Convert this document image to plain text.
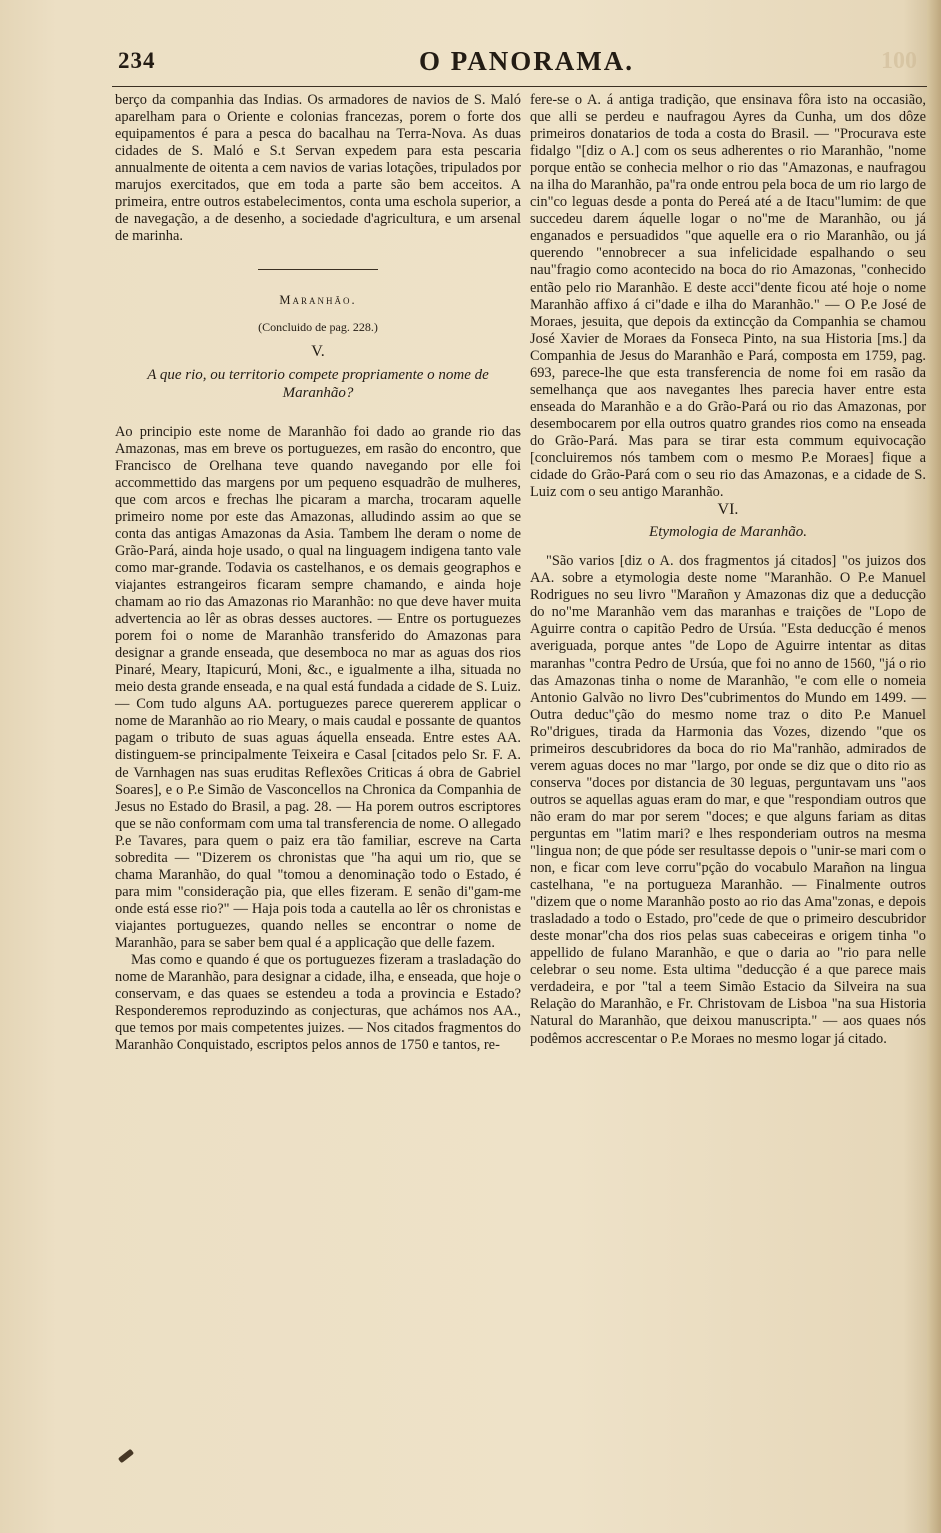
234	O PANORAMA.	100

berço da companhia das Indias. Os armadores de navios de S. Maló aparelham para o Oriente e colonias francezas, porem o forte dos equipamentos é para a pesca do bacalhau na Terra-Nova. As duas cidades de S. Maló e S.t Servan expedem para esta pescaria annualmente de oitenta a cem navios de varias lotações, tripulados por marujos exercitados, que em toda a parte são bem acceitos. A primeira, entre outros estabelecimentos, conta uma eschola superior, a de navegação, a de desenho, a sociedade d'agricultura, e um arsenal de marinha.

Maranhão.
(Concluido de pag. 228.)
V.
A que rio, ou territorio compete propriamente o nome de Maranhão?

Ao principio este nome de Maranhão foi dado ao grande rio das Amazonas, mas em breve os portuguezes, em rasão do encontro, que Francisco de Orelhana teve quando navegando por elle foi accommettido das margens por um pequeno esquadrão de mulheres, que com arcos e frechas lhe picaram a marcha, trocaram aquelle primeiro nome por este das Amazonas, alludindo assim ao que se conta das antigas Amazonas da Asia. Tambem lhe deram o nome de Grão-Pará, ainda hoje usado, o qual na linguagem indigena tanto vale como mar-grande. Todavia os castelhanos, e os demais geographos e viajantes estrangeiros ficaram sempre chamando, e ainda hoje chamam ao rio das Amazonas rio Maranhão: no que deve haver muita advertencia ao lêr as obras desses auctores. — Entre os portuguezes porem foi o nome de Maranhão transferido do Amazonas para designar a grande enseada, que desemboca no mar as aguas dos rios Pinaré, Meary, Itapicurú, Moni, &c., e igualmente a ilha, situada no meio desta grande enseada, e na qual está fundada a cidade de S. Luiz. — Com tudo alguns AA. portuguezes parece quererem applicar o nome de Maranhão ao rio Meary, o mais caudal e possante de quantos pagam o tributo de suas aguas áquella enseada. Entre estes AA. distinguem-se principalmente Teixeira e Casal [citados pelo Sr. F. A. de Varnhagen nas suas eruditas Reflexões Criticas á obra de Gabriel Soares], e o P.e Simão de Vasconcellos na Chronica da Companhia de Jesus no Estado do Brasil, a pag. 28. — Ha porem outros escriptores que se não conformam com uma tal transferencia de nome. O allegado P.e Tavares, para quem o paiz era tão familiar, escreve na Carta sobredita — "Dizerem os chronistas que "ha aqui um rio, que se chama Maranhão, do qual "tomou a denominação todo o Estado, é para mim "consideração pia, que elles fizeram. E senão di"gam-me onde está esse rio?" — Haja pois toda a cautella ao lêr os chronistas e viajantes portuguezes, quando nelles se encontrar o nome de Maranhão, para se saber bem qual é a applicação que delle fazem.

Mas como e quando é que os portuguezes fizeram a trasladação do nome de Maranhão, para designar a cidade, ilha, e enseada, que hoje o conservam, e das quaes se estendeu a toda a provincia e Estado? Responderemos reproduzindo as conjecturas, que achámos nos AA., que temos por mais competentes juizes. — Nos citados fragmentos do Maranhão Conquistado, escriptos pelos annos de 1750 e tantos, re-

fere-se o A. á antiga tradição, que ensinava fôra isto na occasião, que alli se perdeu e naufragou Ayres da Cunha, um dos dôze primeiros donatarios de toda a costa do Brasil. — "Procurava este fidalgo "[diz o A.] com os seus adherentes o rio Maranhão, "nome porque então se conhecia melhor o rio das "Amazonas, e naufragou na ilha do Maranhão, pa"ra onde entrou pela boca de um rio largo de cin"co leguas desde a ponta do Pereá até a de Itacu"lumim: de que succedeu darem áquelle logar o no"me de Maranhão, ou já enganados e persuadidos "que aquelle era o rio Maranhão, ou já querendo "ennobrecer a sua infelicidade espalhando o seu nau"fragio como acontecido na boca do rio Amazonas, "conhecido então pelo rio Maranhão. E deste acci"dente ficou até hoje o nome Maranhão affixo á ci"dade e ilha do Maranhão." — O P.e José de Moraes, jesuita, que depois da extincção da Companhia se chamou José Xavier de Moraes da Fonseca Pinto, na sua Historia [ms.] da Companhia de Jesus do Maranhão e Pará, composta em 1759, pag. 693, parece-lhe que esta transferencia de nome foi em rasão da semelhança que aos navegantes lhes parecia haver entre esta enseada do Maranhão e a do Grão-Pará ou rio das Amazonas, por desembocarem por ella outros quatro grandes rios como na enseada do Grão-Pará. Mas para se tirar esta commum equivocação [concluiremos nós tambem com o mesmo P.e Moraes] fique a cidade do Grão-Pará com o seu rio das Amazonas, e a cidade de S. Luiz com o seu antigo Maranhão.

VI.
Etymologia de Maranhão.

"São varios [diz o A. dos fragmentos já citados] "os juizos dos AA. sobre a etymologia deste nome "Maranhão. O P.e Manuel Rodrigues no seu livro "Marañon y Amazonas diz que a deducção do no"me Maranhão vem das maranhas e traições de "Lopo de Aguirre contra o capitão Pedro de Ursúa. "Esta deducção é menos averiguada, porque antes "de Lopo de Aguirre intentar as ditas maranhas "contra Pedro de Ursúa, que foi no anno de 1560, "já o rio das Amazonas tinha o nome de Maranhão, "e com elle o nomeia Antonio Galvão no livro Des"cubrimentos do Mundo em 1499. — Outra deduc"ção do mesmo nome traz o dito P.e Manuel Ro"drigues, tirada da Harmonia das Vozes, dizendo "que os primeiros descubridores da boca do rio Ma"ranhão, admirados de verem aguas doces no mar "largo, por onde se diz que o dito rio as conserva "doces por distancia de 30 leguas, perguntavam uns "aos outros se aquellas aguas eram do mar, e que "respondiam outros que não eram do mar por serem "doces; e que alguns fariam as ditas perguntas em "latim mari? e lhes responderiam outros na mesma "lingua non; de que póde ser resultasse depois o "unir-se mari com o non, e ficar com leve corru"pção do vocabulo Marañon na lingua castelhana, "e na portugueza Maranhão. — Finalmente outros "dizem que o nome Maranhão posto ao rio das Ama"zonas, e depois trasladado a todo o Estado, pro"cede de que o primeiro descubridor deste monar"cha dos rios pelas suas cabeceiras e origem tinha "o appellido de fulano Maranhão, e que o daria ao "rio para nelle celebrar o seu nome. Esta ultima "deducção é a que parece mais verdadeira, e por "tal a teem Simão Estacio da Silveira na sua Relação do Maranhão, e Fr. Christovam de Lisboa "na sua Historia Natural do Maranhão, que deixou manuscripta." — aos quaes nós podêmos accrescentar o P.e Moraes no mesmo logar já citado.
